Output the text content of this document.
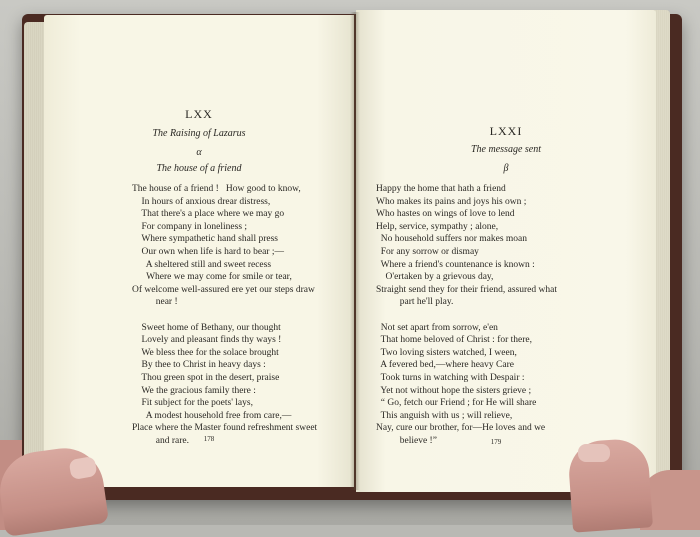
LXX
The Raising of Lazarus
α
The house of a friend
The house of a friend !   How good to know,
In hours of anxious drear distress,
That there's a place where we may go
For company in loneliness ;
Where sympathetic hand shall press
Our own when life is hard to bear ;—
A sheltered still and sweet recess
Where we may come for smile or tear,
Of welcome well-assured ere yet our steps draw
near !

Sweet home of Bethany, our thought
Lovely and pleasant finds thy ways !
We bless thee for the solace brought
By thee to Christ in heavy days :
Thou green spot in the desert, praise
We the gracious family there :
Fit subject for the poets' lays,
A modest household free from care,—
Place where the Master found refreshment sweet
and rare.	178
LXXI
The message sent
β
Happy the home that hath a friend
Who makes its pains and joys his own ;
Who hastes on wings of love to lend
Help, service, sympathy ; alone,
No household suffers nor makes moan
For any sorrow or dismay
Where a friend's countenance is known :
O'ertaken by a grievous day,
Straight send they for their friend, assured what
part he'll play.

Not set apart from sorrow, e'en
That home beloved of Christ : for there,
Two loving sisters watched, I ween,
A fevered bed,—where heavy Care
Took turns in watching with Despair :
Yet not without hope the sisters grieve ;
“ Go, fetch our Friend ; for He will share
This anguish with us ; will relieve,
Nay, cure our brother, for—He loves and we
believe !”	179
